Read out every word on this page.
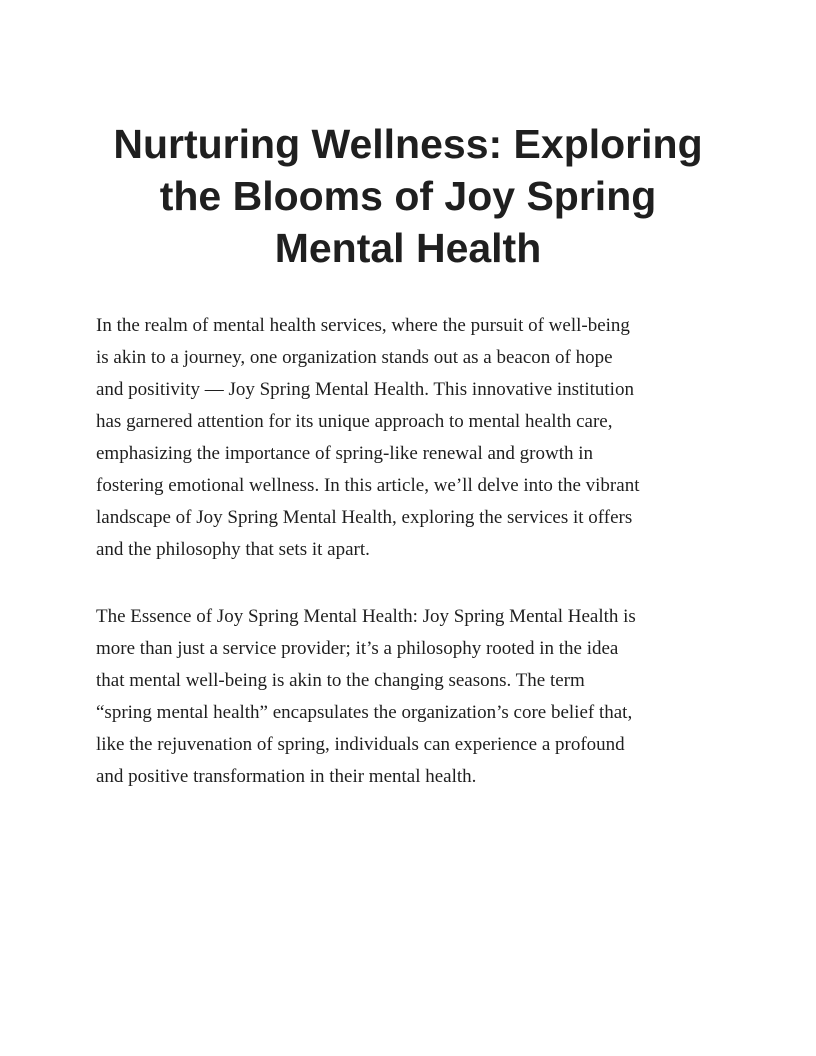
Nurturing Wellness: Exploring
the Blooms of Joy Spring
Mental Health

In the realm of mental health services, where the pursuit of well-being
is akin to a journey, one organization stands out as a beacon of hope
and positivity — Joy Spring Mental Health. This innovative institution
has garnered attention for its unique approach to mental health care,
emphasizing the importance of spring-like renewal and growth in
fostering emotional wellness. In this article, we’ll delve into the vibrant
landscape of Joy Spring Mental Health, exploring the services it offers
and the philosophy that sets it apart.

The Essence of Joy Spring Mental Health: Joy Spring Mental Health is
more than just a service provider; it’s a philosophy rooted in the idea
that mental well-being is akin to the changing seasons. The term
“spring mental health” encapsulates the organization’s core belief that,
like the rejuvenation of spring, individuals can experience a profound
and positive transformation in their mental health.
